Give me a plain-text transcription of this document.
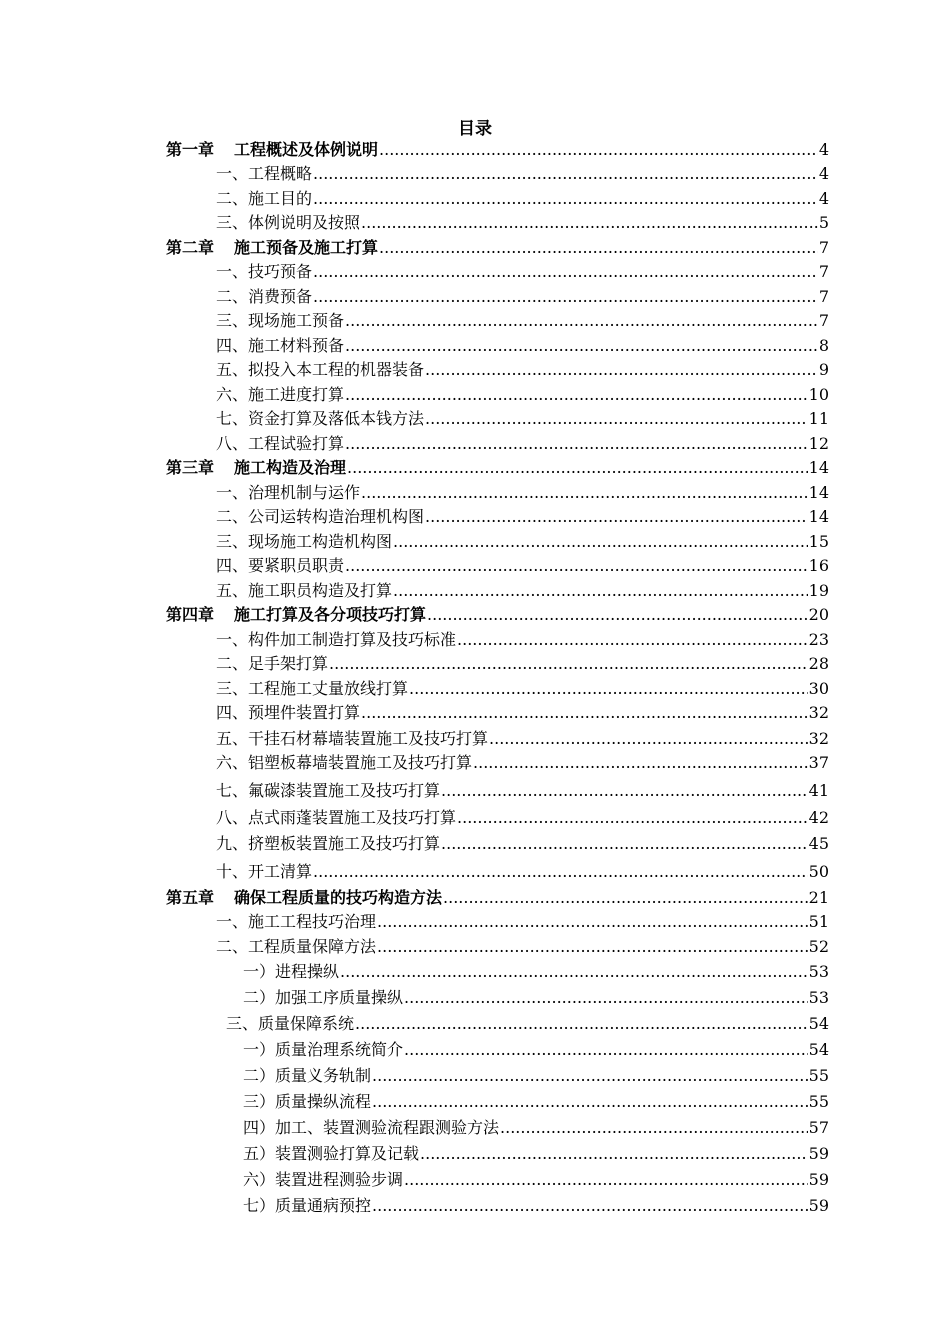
目录
第一章 工程概述及体例说明 .....	4
一、工程概略 .....	4
二、施工目的 .....	4
三、体例说明及按照 .....	5
第二章 施工预备及施工打算 .....	7
一、技巧预备 .....	7
二、消费预备 .....	7
三、现场施工预备 .....	7
四、施工材料预备 .....	8
五、拟投入本工程的机器装备 .....	9
六、施工进度打算 .....	10
七、资金打算及落低本钱方法 .....	11
八、工程试验打算 .....	12
第三章 施工构造及治理 .....	14
一、治理机制与运作 .....	14
二、公司运转构造治理机构图 .....	14
三、现场施工构造机构图 .....	15
四、要紧职员职责 .....	16
五、施工职员构造及打算 .....	19
第四章 施工打算及各分项技巧打算 .....	20
一、构件加工制造打算及技巧标准 .....	23
二、足手架打算 .....	28
三、工程施工丈量放线打算 .....	30
四、预埋件装置打算 .....	32
五、干挂石材幕墙装置施工及技巧打算 .....	32
六、铝塑板幕墙装置施工及技巧打算 .....	37
七、氟碳漆装置施工及技巧打算 .....	41
八、点式雨蓬装置施工及技巧打算 .....	42
九、挤塑板装置施工及技巧打算 .....	45
十、开工清算 .....	50
第五章 确保工程质量的技巧构造方法 .....	21
一、施工工程技巧治理 .....	51
二、工程质量保障方法 .....	52
一）进程操纵 .....	53
二）加强工序质量操纵 .....	53
三、质量保障系统 .....	54
一）质量治理系统简介 .....	54
二）质量义务轨制 .....	55
三）质量操纵流程 .....	55
四）加工、装置测验流程跟测验方法 .....	57
五）装置测验打算及记载 .....	59
六）装置进程测验步调 .....	59
七）质量通病预控 .....	59
